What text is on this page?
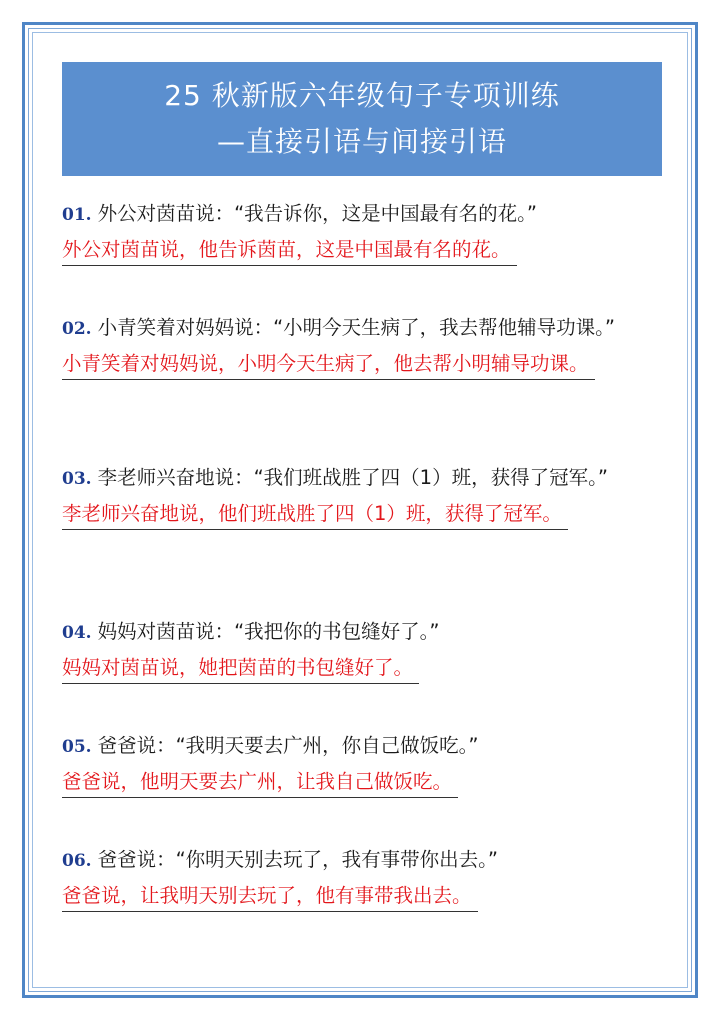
25 秋新版六年级句子专项训练
—直接引语与间接引语
01. 外公对茵苗说：“我告诉你，这是中国最有名的花。”
外公对茵苗说，他告诉茵苗，这是中国最有名的花。
02. 小青笑着对妈妈说：“小明今天生病了，我去帮他辅导功课。”
小青笑着对妈妈说，小明今天生病了，他去帮小明辅导功课。
03. 李老师兴奋地说：“我们班战胜了四（1）班，获得了冠军。”
李老师兴奋地说，他们班战胜了四（1）班，获得了冠军。
04. 妈妈对茵苗说：“我把你的书包缝好了。”
妈妈对茵苗说，她把茵苗的书包缝好了。
05. 爸爸说：“我明天要去广州，你自己做饭吃。”
爸爸说，他明天要去广州，让我自己做饭吃。
06. 爸爸说：“你明天别去玩了，我有事带你出去。”
爸爸说，让我明天别去玩了，他有事带我出去。
